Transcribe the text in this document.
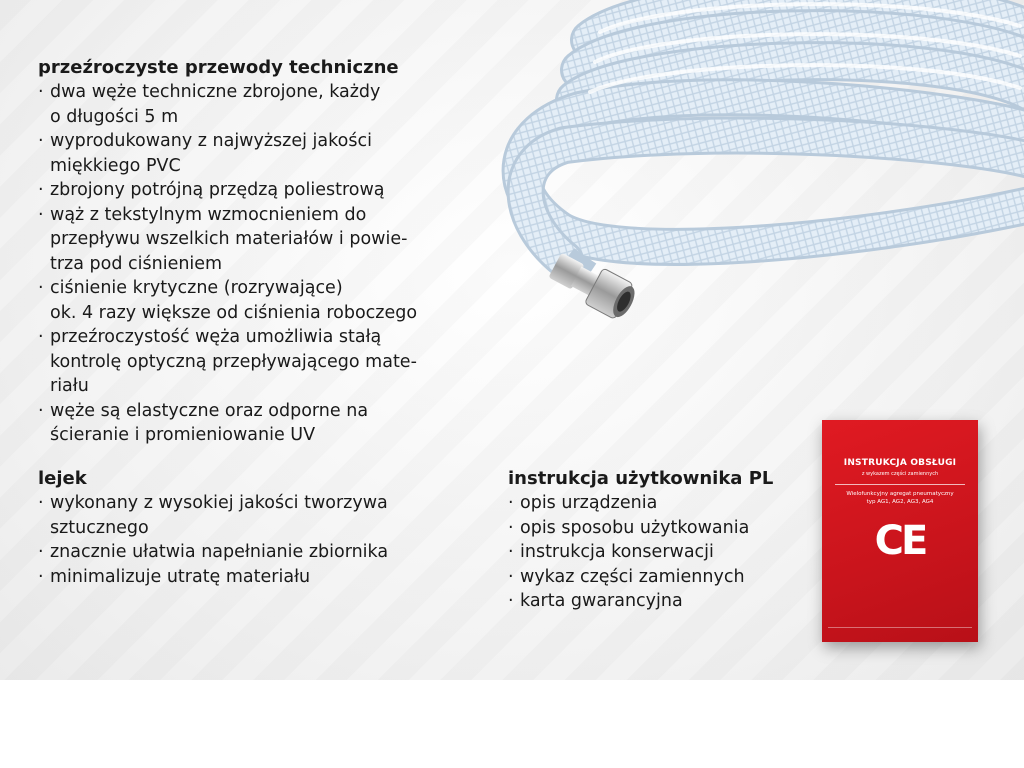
przeźroczyste przewody techniczne

· dwa węże techniczne zbrojone, każdy

o długości 5 m

· wyprodukowany z najwyższej jakości

miękkiego PVC

· zbrojony potrójną przędzą poliestrową

· wąż z tekstylnym wzmocnieniem do

przepływu wszelkich materiałów i powie-

trza pod ciśnieniem

· ciśnienie krytyczne (rozrywające)

ok. 4 razy większe od ciśnienia roboczego

· przeźroczystość węża umożliwia stałą

kontrolę optyczną przepływającego mate-

riału

· węże są elastyczne oraz odporne na

ścieranie i promieniowanie UV

lejek

· wykonany z wysokiej jakości tworzywa

sztucznego

· znacznie ułatwia napełnianie zbiornika

· minimalizuje utratę materiału

instrukcja użytkownika PL

· opis urządzenia

· opis sposobu użytkowania

· instrukcja konserwacji

· wykaz części zamiennych

· karta gwarancyjna

INSTRUKCJA OBSŁUGI
z wykazem części zamiennych
Wielofunkcyjny agregat pneumatyczny
typ AG1, AG2, AG3, AG4
CE
